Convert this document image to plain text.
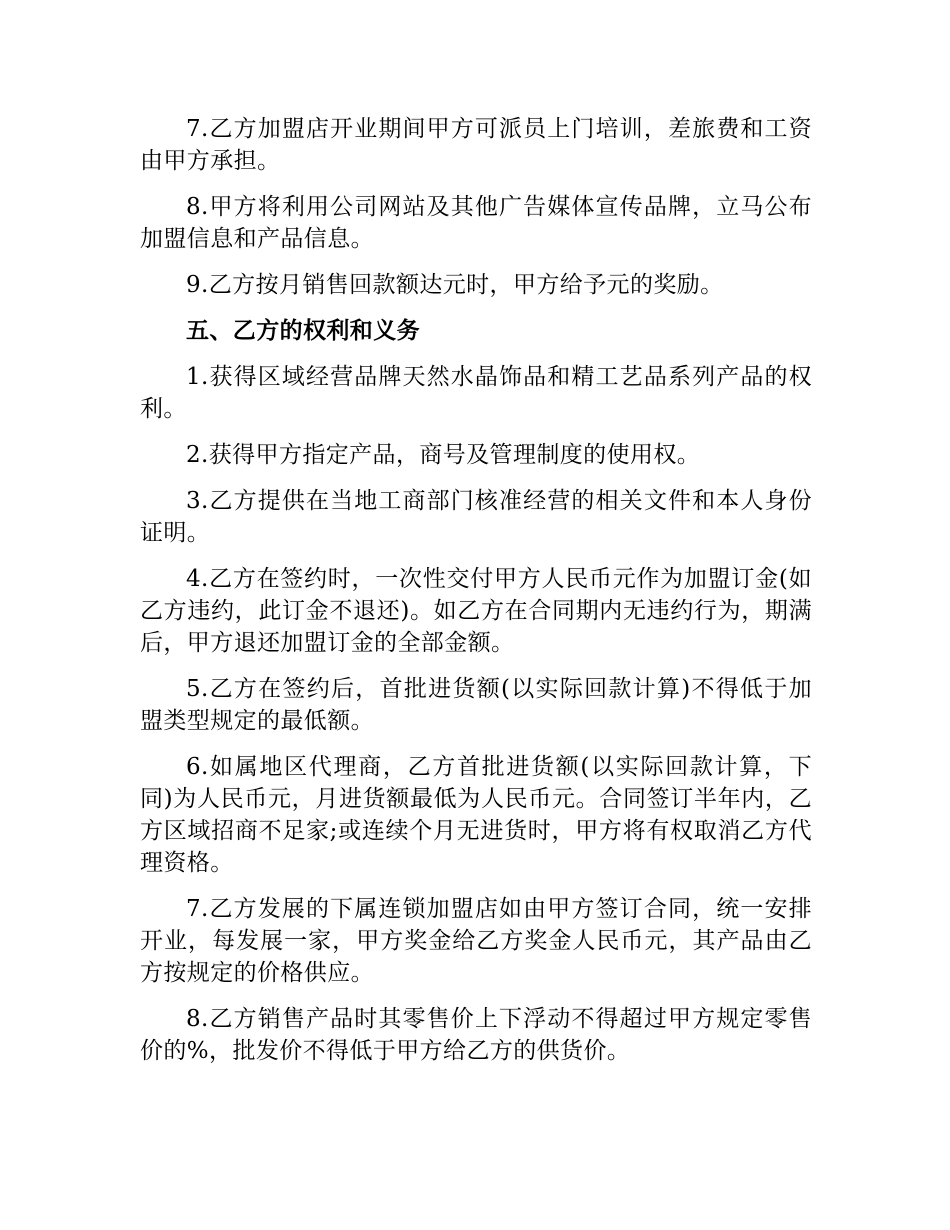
7.乙方加盟店开业期间甲方可派员上门培训，差旅费和工资由甲方承担。

8.甲方将利用公司网站及其他广告媒体宣传品牌，立马公布加盟信息和产品信息。

9.乙方按月销售回款额达元时，甲方给予元的奖励。

五、乙方的权利和义务

1.获得区域经营品牌天然水晶饰品和精工艺品系列产品的权利。

2.获得甲方指定产品，商号及管理制度的使用权。

3.乙方提供在当地工商部门核准经营的相关文件和本人身份证明。

4.乙方在签约时，一次性交付甲方人民币元作为加盟订金(如乙方违约，此订金不退还)。如乙方在合同期内无违约行为，期满后，甲方退还加盟订金的全部金额。

5.乙方在签约后，首批进货额(以实际回款计算)不得低于加盟类型规定的最低额。

6.如属地区代理商，乙方首批进货额(以实际回款计算，下同)为人民币元，月进货额最低为人民币元。合同签订半年内，乙方区域招商不足家;或连续个月无进货时，甲方将有权取消乙方代理资格。

7.乙方发展的下属连锁加盟店如由甲方签订合同，统一安排开业，每发展一家，甲方奖金给乙方奖金人民币元，其产品由乙方按规定的价格供应。

8.乙方销售产品时其零售价上下浮动不得超过甲方规定零售价的%，批发价不得低于甲方给乙方的供货价。
